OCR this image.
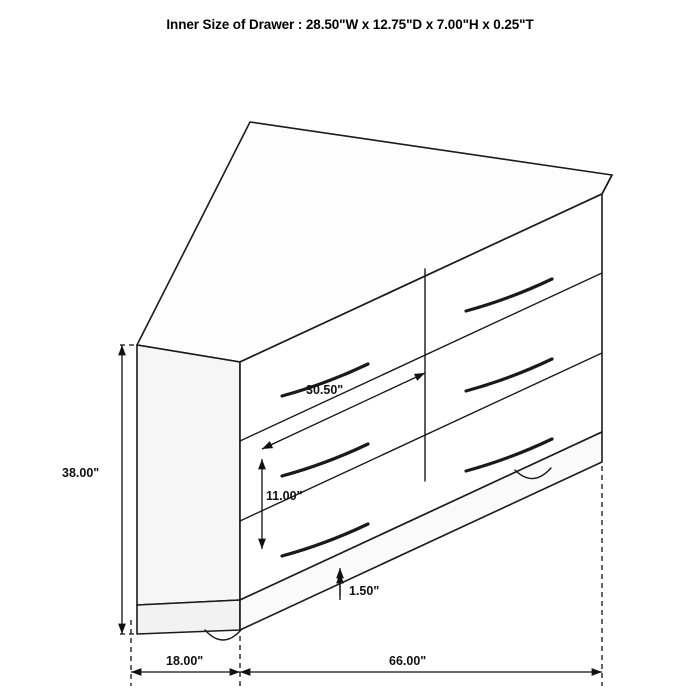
Inner Size of Drawer : 28.50"W x 12.75"D x 7.00"H x 0.25"T
38.00"
66.00"
18.00"
30.50"
11.00"
1.50"
